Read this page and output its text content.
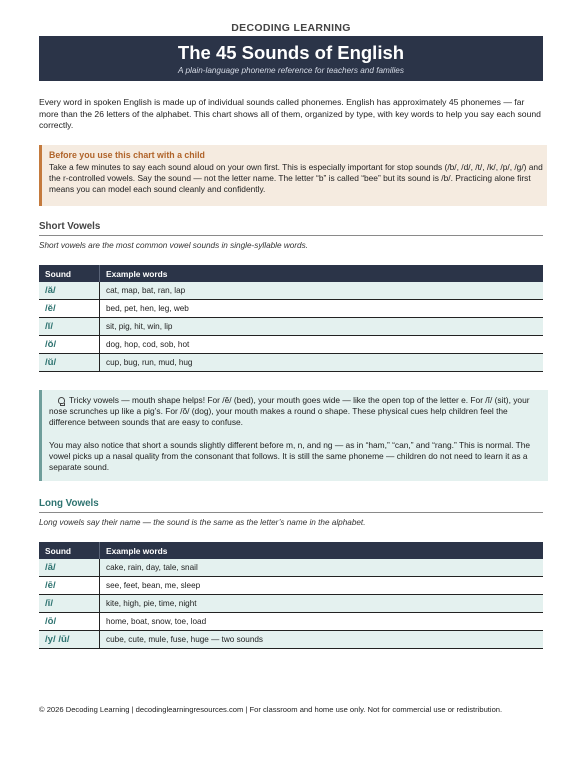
DECODING LEARNING
The 45 Sounds of English
A plain-language phoneme reference for teachers and families
Every word in spoken English is made up of individual sounds called phonemes. English has approximately 45 phonemes — far more than the 26 letters of the alphabet. This chart shows all of them, organized by type, with key words to help you say each sound correctly.
Before you use this chart with a child
Take a few minutes to say each sound aloud on your own first. This is especially important for stop sounds (/b/, /d/, /t/, /k/, /p/, /g/) and the r-controlled vowels. Say the sound — not the letter name. The letter “b” is called “bee” but its sound is /b/. Practicing alone first means you can model each sound cleanly and confidently.
Short Vowels
Short vowels are the most common vowel sounds in single-syllable words.
Sound	Example words
/ă/	cat, map, bat, ran, lap
/ĕ/	bed, pet, hen, leg, web
/ĭ/	sit, pig, hit, win, lip
/ŏ/	dog, hop, cod, sob, hot
/ŭ/	cup, bug, run, mud, hug

Tricky vowels — mouth shape helps! For /ĕ/ (bed), your mouth goes wide — like the open top of the letter e. For /ĭ/ (sit), your nose scrunches up like a pig’s. For /ŏ/ (dog), your mouth makes a round o shape. These physical cues help children feel the difference between sounds that are easy to confuse.

You may also notice that short a sounds slightly different before m, n, and ng — as in “ham,” “can,” and “rang.” This is normal. The vowel picks up a nasal quality from the consonant that follows. It is still the same phoneme — children do not need to learn it as a separate sound.

Long Vowels
Long vowels say their name — the sound is the same as the letter’s name in the alphabet.
Sound	Example words
/ā/	cake, rain, day, tale, snail
/ē/	see, feet, bean, me, sleep
/ī/	kite, high, pie, time, night
/ō/	home, boat, snow, toe, load
/y/ /ū/	cube, cute, mule, fuse, huge — two sounds
© 2026 Decoding Learning | decodinglearningresources.com | For classroom and home use only. Not for commercial use or redistribution.
